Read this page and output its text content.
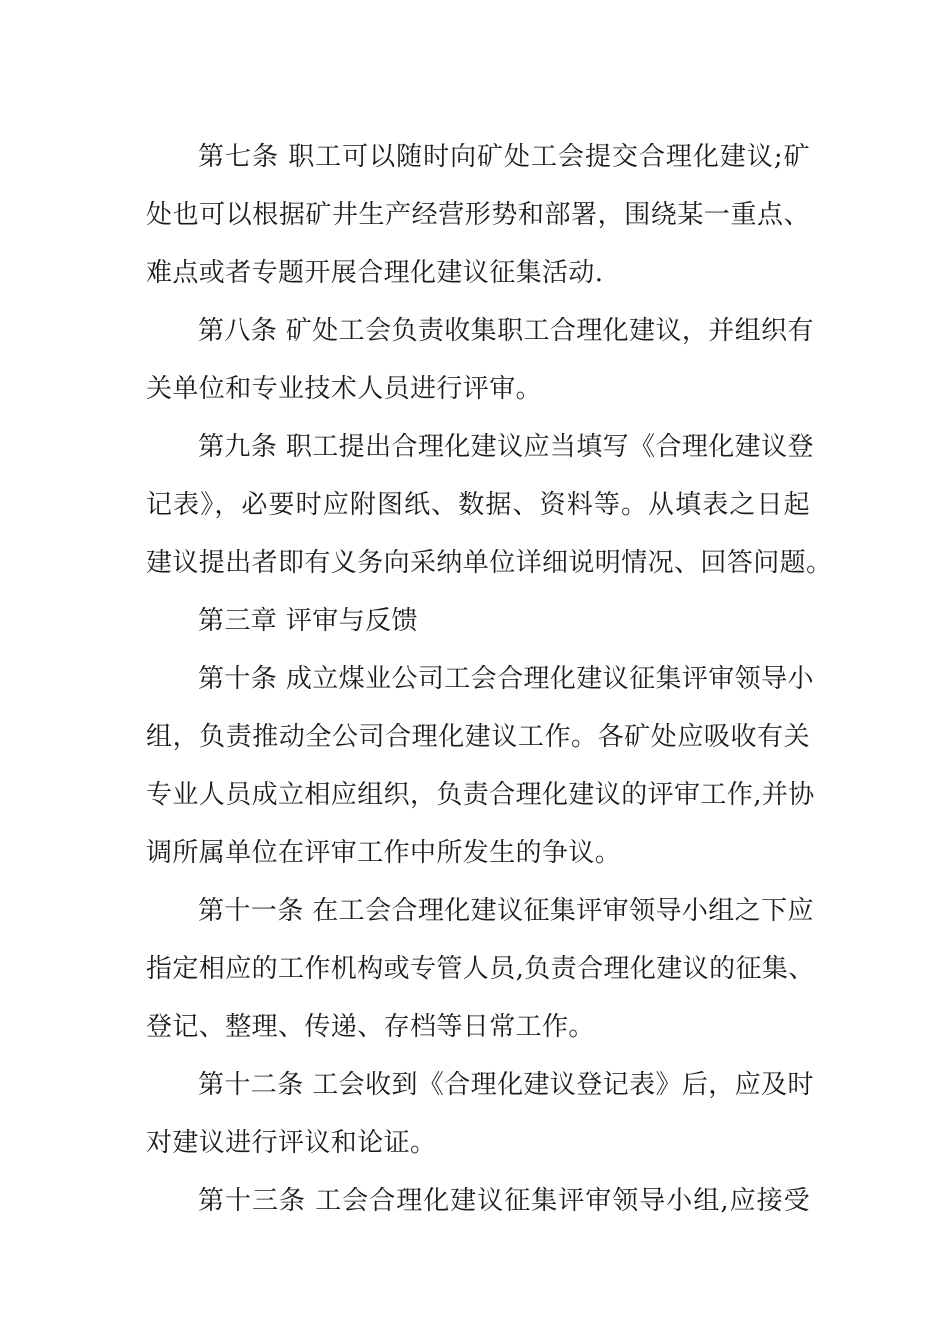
第七条 职工可以随时向矿处工会提交合理化建议;矿
处也可以根据矿井生产经营形势和部署，围绕某一重点、
难点或者专题开展合理化建议征集活动.
第八条 矿处工会负责收集职工合理化建议，并组织有
关单位和专业技术人员进行评审。
第九条 职工提出合理化建议应当填写《合理化建议登
记表》，必要时应附图纸、数据、资料等。从填表之日起
建议提出者即有义务向采纳单位详细说明情况、回答问题。
第三章 评审与反馈
第十条 成立煤业公司工会合理化建议征集评审领导小
组，负责推动全公司合理化建议工作。各矿处应吸收有关
专业人员成立相应组织，负责合理化建议的评审工作,并协
调所属单位在评审工作中所发生的争议。
第十一条 在工会合理化建议征集评审领导小组之下应
指定相应的工作机构或专管人员,负责合理化建议的征集、
登记、整理、传递、存档等日常工作。
第十二条 工会收到《合理化建议登记表》后，应及时
对建议进行评议和论证。
第十三条 工会合理化建议征集评审领导小组,应接受
